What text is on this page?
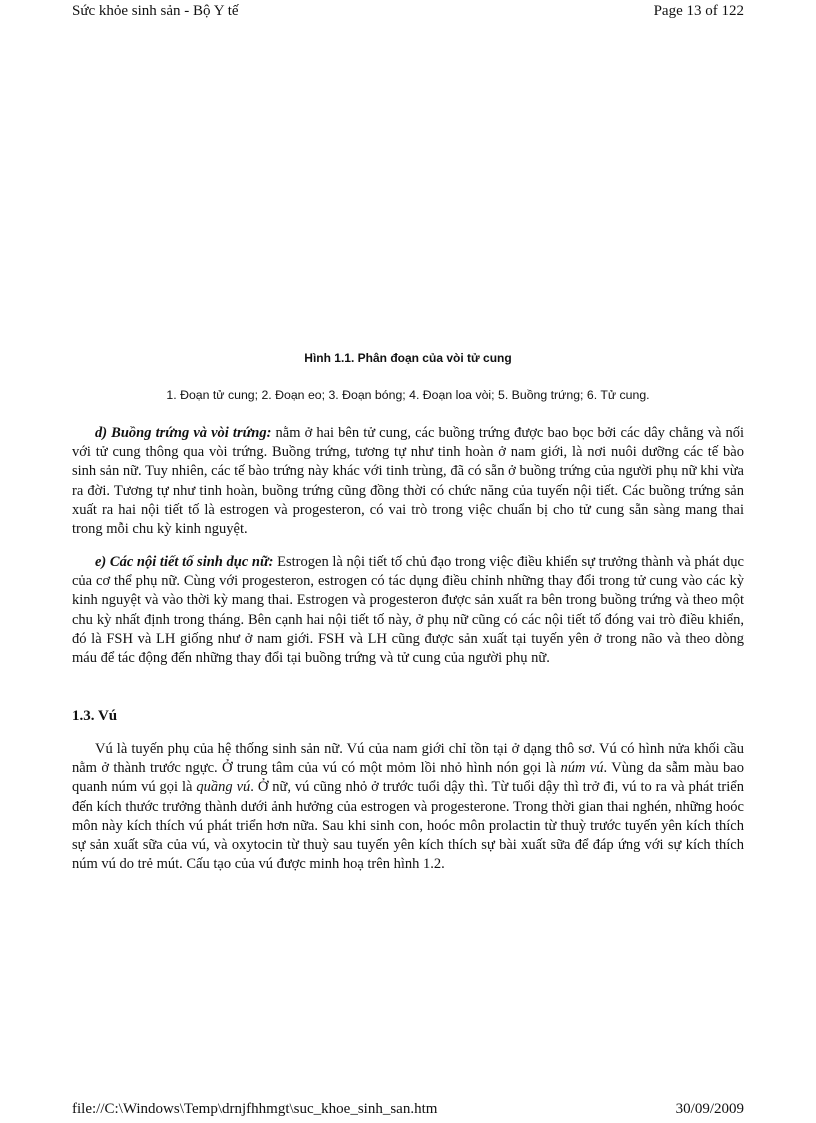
Sức khỏe sinh sản - Bộ Y tế	Page 13 of 122
Hình 1.1. Phân đoạn của vòi tử cung
1. Đoạn tử cung; 2. Đoạn eo; 3. Đoạn bóng; 4. Đoạn loa vòi; 5. Buồng trứng; 6. Tử cung.

d) Buồng trứng và vòi trứng: nằm ở hai bên tử cung, các buồng trứng được bao bọc bởi các dây chằng và nối với tử cung thông qua vòi trứng. Buồng trứng, tương tự như tinh hoàn ở nam giới, là nơi nuôi dưỡng các tế bào sinh sản nữ. Tuy nhiên, các tế bào trứng này khác với tinh trùng, đã có sẵn ở buồng trứng của người phụ nữ khi vừa ra đời. Tương tự như tinh hoàn, buồng trứng cũng đồng thời có chức năng của tuyến nội tiết. Các buồng trứng sản xuất ra hai nội tiết tố là estrogen và progesteron, có vai trò trong việc chuẩn bị cho tử cung sẵn sàng mang thai trong mỗi chu kỳ kinh nguyệt.

e) Các nội tiết tố sinh dục nữ: Estrogen là nội tiết tố chủ đạo trong việc điều khiển sự trưởng thành và phát dục của cơ thể phụ nữ. Cùng với progesteron, estrogen có tác dụng điều chỉnh những thay đổi trong tử cung vào các kỳ kinh nguyệt và vào thời kỳ mang thai. Estrogen và progesteron được sản xuất ra bên trong buồng trứng và theo một chu kỳ nhất định trong tháng. Bên cạnh hai nội tiết tố này, ở phụ nữ cũng có các nội tiết tố đóng vai trò điều khiển, đó là FSH và LH giống như ở nam giới. FSH và LH cũng được sản xuất tại tuyến yên ở trong não và theo dòng máu để tác động đến những thay đổi tại buồng trứng và tử cung của người phụ nữ.

1.3. Vú

Vú là tuyến phụ của hệ thống sinh sản nữ. Vú của nam giới chỉ tồn tại ở dạng thô sơ. Vú có hình nửa khối cầu nằm ở thành trước ngực. Ở trung tâm của vú có một mỏm lồi nhỏ hình nón gọi là núm vú. Vùng da sẫm màu bao quanh núm vú gọi là quầng vú. Ở nữ, vú cũng nhỏ ở trước tuổi dậy thì. Từ tuổi dậy thì trở đi, vú to ra và phát triển đến kích thước trưởng thành dưới ảnh hưởng của estrogen và progesterone. Trong thời gian thai nghén, những hoóc môn này kích thích vú phát triển hơn nữa. Sau khi sinh con, hoóc môn prolactin từ thuỳ trước tuyến yên kích thích sự sản xuất sữa của vú, và oxytocin từ thuỳ sau tuyến yên kích thích sự bài xuất sữa để đáp ứng với sự kích thích núm vú do trẻ mút. Cấu tạo của vú được minh hoạ trên hình 1.2.

file://C:\Windows\Temp\drnjfhhmgt\suc_khoe_sinh_san.htm	30/09/2009
